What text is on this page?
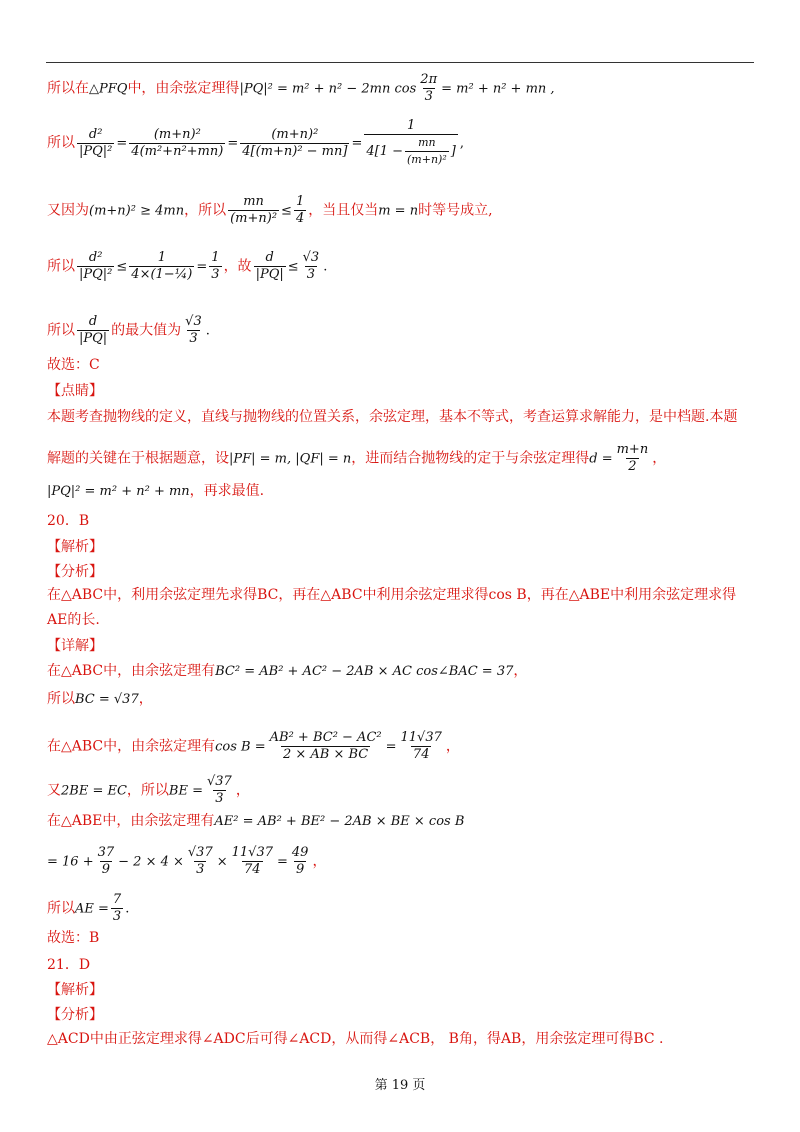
所以在△PFQ中，由余弦定理得|PQ|² = m² + n² − 2mn $\cos \frac{2\pi}{3} = m^2 + n^2$ + mn ,
所以 $\frac{\text{d²}}{\text{|PQ|²}} = \frac{\text{(m+n)²}}{\text{4(m²+n²+mn)}} = \frac{\text{(m+n)²}}{\text{4[(m+n)² − mn]}} = \frac{1}{4[1 - \frac{mn}{\text{(m+n)²}} ]}$ ,
又因为(m+n)² ≥ 4mn，所以 $\frac{mn}{\text{(m+n)²}} \le \frac{1}{4}$ ，当且仅当m = n时等号成立,
所以 $\frac{\text{d²}}{\text{|PQ|²}} \le \frac{1}{\text{4×(1−¼)}} = \frac{1}{3}$ ，故 $\frac{d}{|PQ|} \le \frac{√3}{3}$ .
所以 $\frac{d}{|PQ|}$ 的最大值为 $\frac{√3}{3}$ .
故选：C
【点睛】
本题考查抛物线的定义，直线与抛物线的位置关系，余弦定理，基本不等式，考查运算求解能力，是中档题.本题
解题的关键在于根据题意，设|PF| = m, |QF| = n，进而结合抛物线的定于与余弦定理得$d = \frac{m+n}{2}$ ，
|PQ|² = m² + n² + mn，再求最值.
20．B
【解析】
【分析】
在△ABC中，利用余弦定理先求得BC，再在△ABC中利用余弦定理求得cos B，再在△ABE中利用余弦定理求得
AE的长.
【详解】
在△ABC中，由余弦定理有BC² = AB² + AC² − 2AB × AC cos∠BAC = 37，
所以BC = √37，
在△ABC中，由余弦定理有$\cos B = \frac{\text{AB² + BC² − AC²}}{2 \times AB \times BC} = \frac{11√37}{74}$ ，
又2BE = EC，所以BE = $\frac{√37}{3}$ ，
在△ABE中，由余弦定理有AE² = AB² + BE² − 2AB × BE × cos B
= $16 + \frac{37}{9} - 2 \times 4 \times \frac{√37}{3} \times \frac{11√37}{74} = \frac{49}{9}$ ，
所以AE = $\frac{7}{3}$ .
故选：B
21．D
【解析】
【分析】
△ACD中由正弦定理求得∠ADC后可得∠ACD，从而得∠ACB， B角，得AB，用余弦定理可得BC .
第 19 页
